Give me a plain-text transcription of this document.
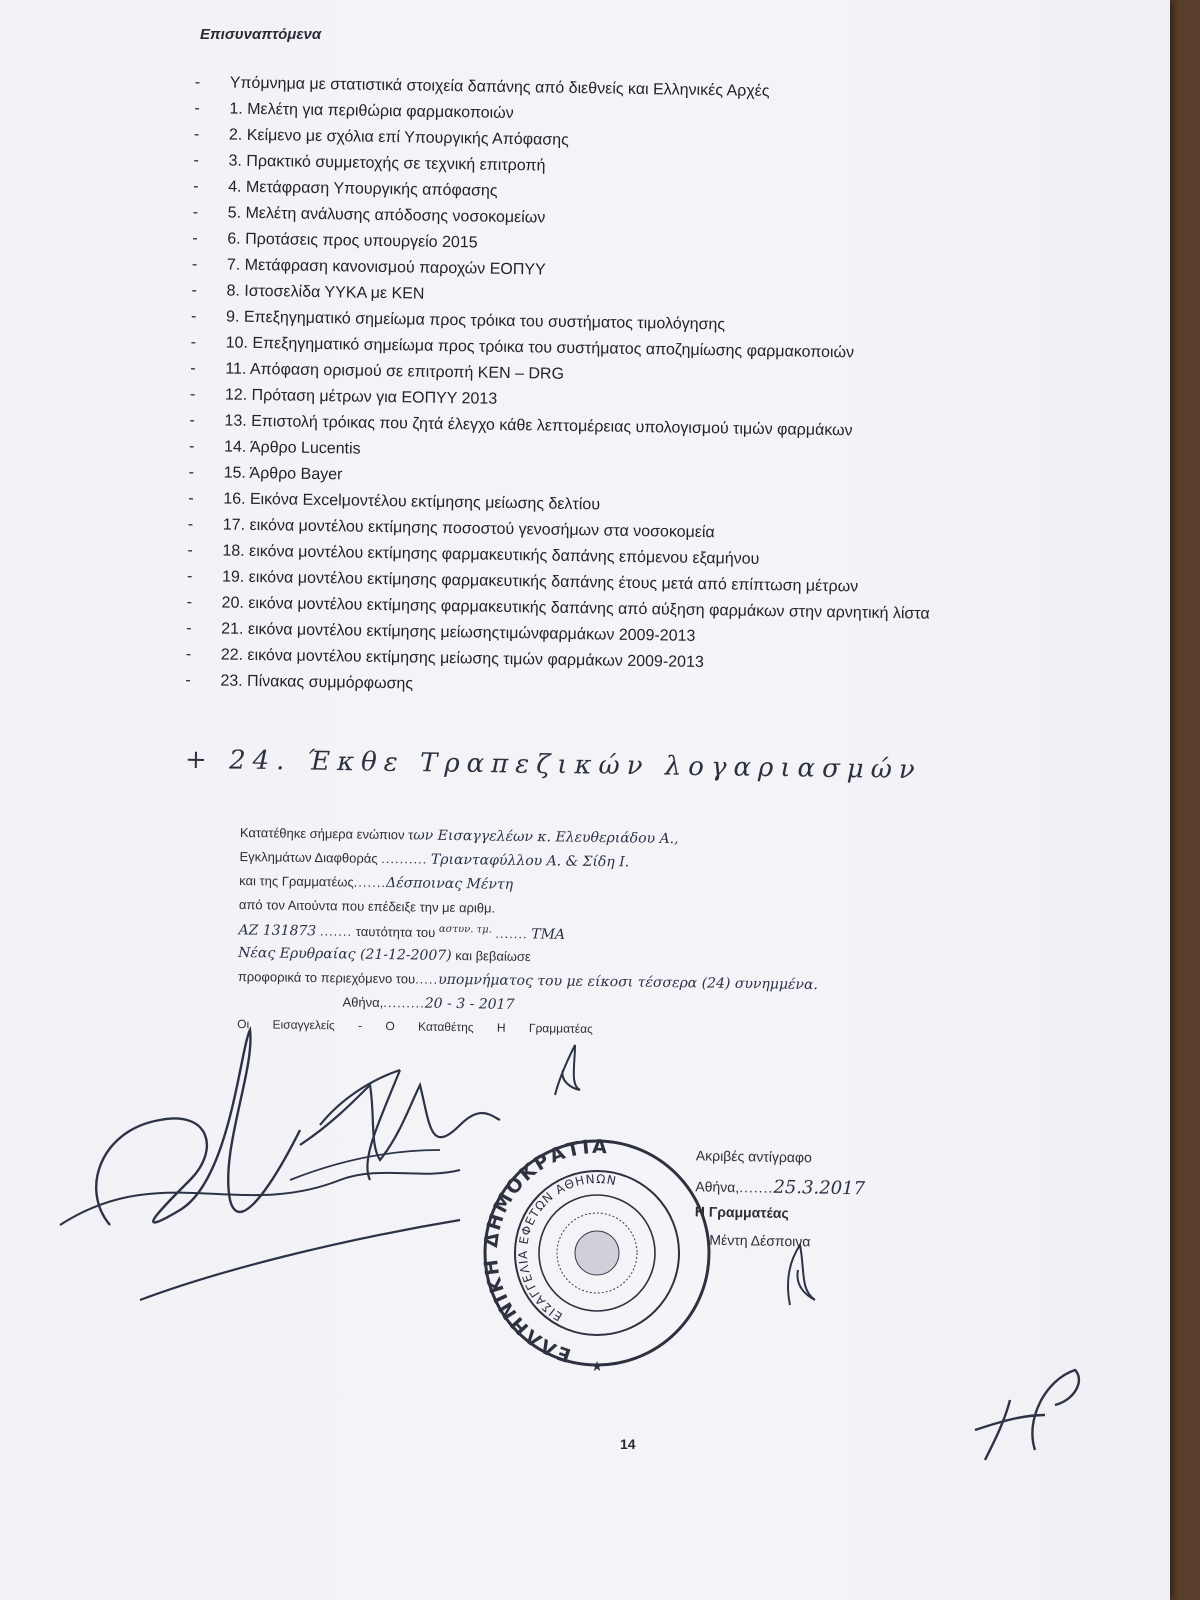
Επισυναπτόμενα
- Υπόμνημα με στατιστικά στοιχεία δαπάνης από διεθνείς και Ελληνικές Αρχές
- 1. Μελέτη για περιθώρια φαρμακοποιών
- 2. Κείμενο με σχόλια επί Υπουργικής Απόφασης
- 3. Πρακτικό συμμετοχής σε τεχνική επιτροπή
- 4. Μετάφραση Υπουργικής απόφασης
- 5. Μελέτη ανάλυσης απόδοσης νοσοκομείων
- 6. Προτάσεις προς υπουργείο 2015
- 7. Μετάφραση κανονισμού παροχών ΕΟΠΥΥ
- 8. Ιστοσελίδα ΥΥΚΑ με ΚΕΝ
- 9. Επεξηγηματικό σημείωμα προς τρόικα του συστήματος τιμολόγησης
- 10. Επεξηγηματικό σημείωμα προς τρόικα του συστήματος αποζημίωσης φαρμακοποιών
- 11. Απόφαση ορισμού σε επιτροπή ΚΕΝ – DRG
- 12. Πρόταση μέτρων για ΕΟΠΥΥ 2013
- 13. Επιστολή τρόικας που ζητά έλεγχο κάθε λεπτομέρειας υπολογισμού τιμών φαρμάκων
- 14. Άρθρο Lucentis
- 15. Άρθρο Bayer
- 16. Εικόνα Excelμοντέλου εκτίμησης μείωσης δελτίου
- 17. εικόνα μοντέλου εκτίμησης ποσοστού γενοσήμων στα νοσοκομεία
- 18. εικόνα μοντέλου εκτίμησης φαρμακευτικής δαπάνης επόμενου εξαμήνου
- 19. εικόνα μοντέλου εκτίμησης φαρμακευτικής δαπάνης έτους μετά από επίπτωση μέτρων
- 20. εικόνα μοντέλου εκτίμησης φαρμακευτικής δαπάνης από αύξηση φαρμάκων στην αρνητική λίστα
- 21. εικόνα μοντέλου εκτίμησης μείωσηςτιμώνφαρμάκων 2009-2013
- 22. εικόνα μοντέλου εκτίμησης μείωσης τιμών φαρμάκων 2009-2013
- 23. Πίνακας συμμόρφωσης
+ 24. Έκθε Τραπεζικών λογαριασμών
Κατατέθηκε σήμερα ενώπιον των Εισαγγελέων κ. Ελευθεριάδου Α.,
Εγκλημάτων Διαφθοράς .......... Τριανταφύλλου Α. & Σίδη Ι.
και της Γραμματέως.......Δέσποινας Μέντη
από τον Αιτούντα που επέδειξε την με αριθμ.
ΑΖ 131873 ....... ταυτότητα του $^{\alpha\sigma\tau\upsilon\nu. \tau\mu.}$ ....... ΤΜΑ
Νέας Ερυθραίας (21-12-2007) και βεβαίωσε
προφορικά το περιεχόμενο του.....υπομνήματος του με είκοσι τέσσερα (24) συνημμένα.
Αθήνα,.........20 - 3 - 2017
Οι Εισαγγελείς - Ο Καταθέτης Η Γραμματέας
ΕΛΛΗΝΙΚΗ ΔΗΜΟΚΡΑΤΙΑ
ΕΙΣΑΓΓΕΛΙΑ ΕΦΕΤΩΝ ΑΘΗΝΩΝ
★
Ακριβές αντίγραφο
Αθήνα,.......25.3.2017
Η Γραμματέας
Μέντη Δέσποινα
14
